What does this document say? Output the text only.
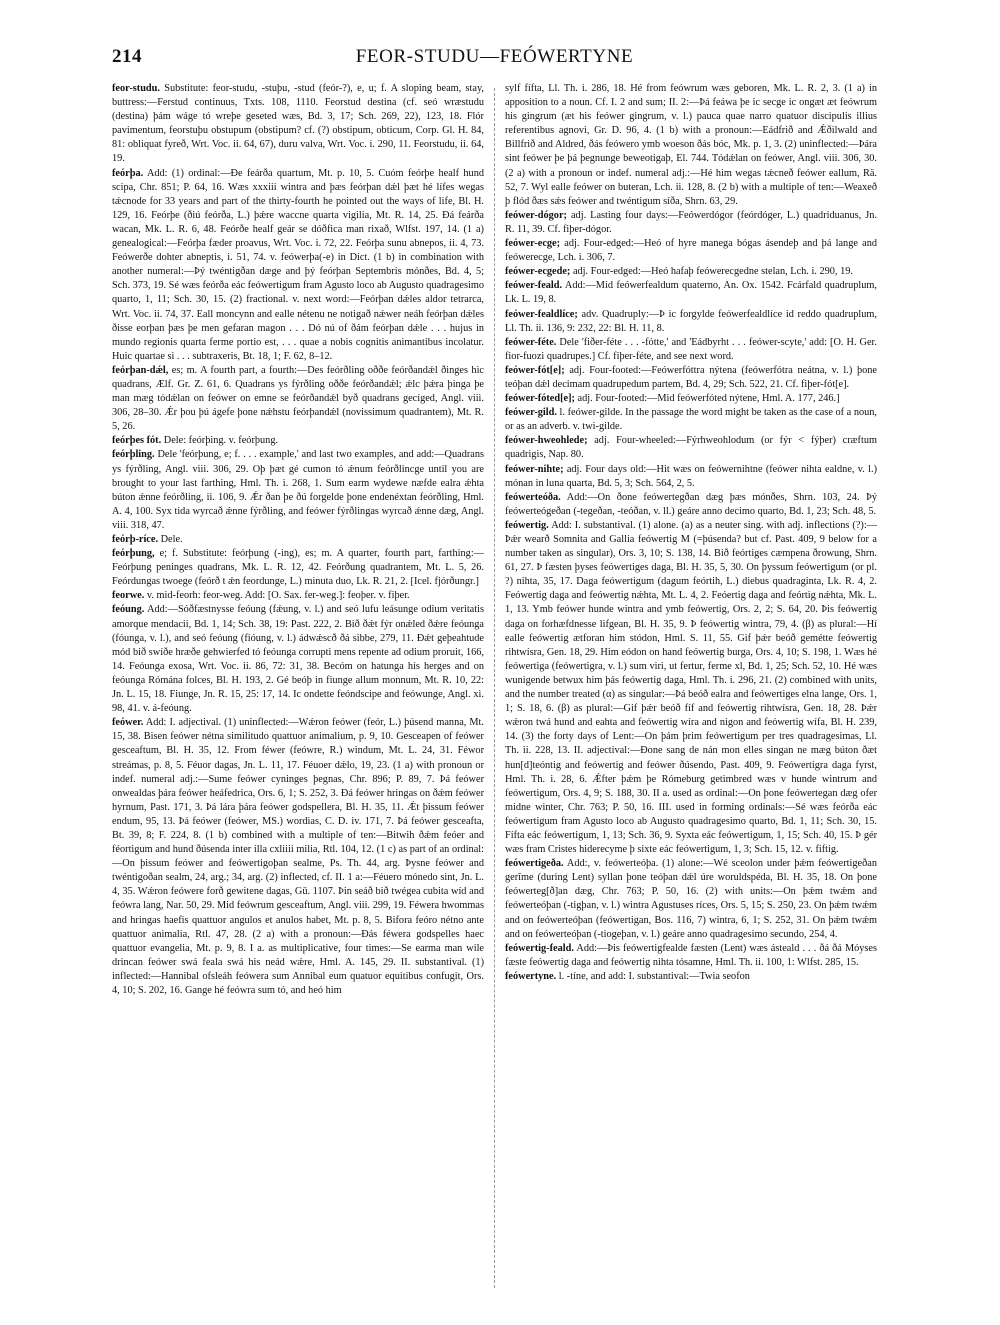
214	FEOR-STUDU—FEÓWERTYNE

feor-studu. Substitute: feor-studu, -stuþu, -stud (feór-?), e, u; f. A sloping beam, stay, buttress:—Ferstud continuus, Txts. 108, 1110. Feorstud destina (cf. seó wræstudu (destina) þám wáge tó wreþe geseted wæs, Bd. 3, 17; Sch. 269, 22), 123, 18. Flór pavimentum, feorstuþu obstupum (obstipum? cf. (?) obstipum, obticum, Corp. Gl. H. 84, 81: obliquat fyreð, Wrt. Voc. ii. 64, 67), duru valva, Wrt. Voc. i. 290, 11. Feorstudu, ii. 64, 19.

feórþa. Add: (1) ordinal:—Ðe feárða quartum, Mt. p. 10, 5. Cuóm feórþe healf hund scipa, Chr. 851; P. 64, 16. Wæs xxxiii wintra and þæs feórþan dǽl þæt hé lífes wegas tǽcnode for 33 years and part of the thirty-fourth he pointed out the ways of life, Bl. H. 129, 16. Feórþe (ðiú feórða, L.) þǽre waccne quarta vigilia, Mt. R. 14, 25. Ðá feárða wacan, Mk. L. R. 6, 48. Feórðe healf geár se dóðfica man rixað, Wlfst. 197, 14. (1 a) genealogical:—Feórþa fæder proavus, Wrt. Voc. i. 72, 22. Feórþa sunu abnepos, ii. 4, 73. Feówerðe dohter abneptis, i. 51, 74. v. feówerþa(-e) in Dict. (1 b) in combination with another numeral:—Þý twéntigðan dæge and þý feórþan Septembris mónðes, Bd. 4, 5; Sch. 373, 19. Sé wæs feórða eác feówertigum fram Agusto loco ab Augusto quadragesimo quarto, 1, 11; Sch. 30, 15. (2) fractional. v. next word:—Feórþan dǽles aldor tetrarca, Wrt. Voc. ii. 74, 37. Eall moncynn and ealle nétenu ne notigað nǽwer neáh feórþan dǽles ðisse eorþan þæs þe men gefaran magon . . . Dó nú of ðám feórþan dǽle . . . hujus in mundo regionis quarta ferme portio est, . . . quae a nobis cognitis animantibus incolatur. Huic quartae si . . . subtraxeris, Bt. 18, 1; F. 62, 8–12.

feórþan-dǽl, es; m. A fourth part, a fourth:—Des feórðling oððe feórðandǽl ðinges hic quadrans, Ælf. Gr. Z. 61, 6. Quadrans ys fýrðling oððe feórðandǽl; ǽlc þǽra þinga þe man mæg tódǽlan on feówer on emne se feórðandǽl byð quadrans gecíged, Angl. viii. 306, 28–30. Ǽr þou þú ágefe þone nǽhstu feórþandǽl (novissimum quadrantem), Mt. R. 5, 26.

feórþes fót. Dele: feórþing. v. feórþung.

feórþling. Dele 'feórþung, e; f. . . . example,' and last two examples, and add:—Quadrans ys fýrðling, Angl. viii. 306, 29. Oþ þæt gé cumon tó ǽnum feórðlincge until you are brought to your last farthing, Hml. Th. i. 268, 1. Sum earm wydewe næfde ealra ǽhta búton ǽnne feórðling, ii. 106, 9. Ǽr ðan þe ðú forgelde þone endenéxtan feórðling, Hml. A. 4, 100. Syx tida wyrcað ǽnne fýrðling, and feówer fýrðlingas wyrcað ǽnne dæg, Angl. viii. 318, 47.

feórþ-ríce. Dele.

feórþung, e; f. Substitute: feórþung (-ing), es; m. A quarter, fourth part, farthing:—Feórþung peninges quadrans, Mk. L. R. 12, 42. Feórðung quadrantem, Mt. L. 5, 26. Feórdungas twoege (feórð t ǽn feordunge, L.) minuta duo, Lk. R. 21, 2. [Icel. fjórðungr.]

feorwe. v. mid-feorh: feor-weg. Add: [O. Sax. fer-weg.]: feoþer. v. fiþer.

feóung. Add:—Sóðfæstnysse feóung (fǽung, v. l.) and seó lufu leásunge odium veritatis amorque mendacii, Bd. 1, 14; Sch. 38, 19: Past. 222, 2. Bið ðǽt fýr onǽled ðǽre feóunga (fóunga, v. l.), and seó feóung (fióung, v. l.) ádwǽscð ðá sibbe, 279, 11. Ðǽt geþeahtude mód bið swíðe hræðe gehwierfed tó feóunga corrupti mens repente ad odium proruit, 166, 14. Feóunga exosa, Wrt. Voc. ii. 86, 72: 31, 38. Becóm on hatunga his herges and on feóunga Rómána folces, Bl. H. 193, 2. Gé beóþ in fiunge allum monnum, Mt. R. 10, 22: Jn. L. 15, 18. Fiunge, Jn. R. 15, 25: 17, 14. Ic ondette feóndscipe and feówunge, Angl. xi. 98, 41. v. á-feóung.

feówer. Add: I. adjectival. (1) uninflected:—Wǽron feówer (feór, L.) þúsend manna, Mt. 15, 38. Bisen feówer nétna similitudo quattuor animalium, p. 9, 10. Gesceapen of feówer gesceaftum, Bl. H. 35, 12. From féwer (feówre, R.) windum, Mt. L. 24, 31. Féwor streámas, p. 8, 5. Féuor dagas, Jn. L. 11, 17. Féuoer dǽlo, 19, 23. (1 a) with pronoun or indef. numeral adj.:—Sume feówer cyninges þegnas, Chr. 896; P. 89, 7. Þá feówer onwealdas þára feówer heáfedrica, Ors. 6, 1; S. 252, 3. Ðá feówer hringas on ðǽm feówer hyrnum, Past. 171, 3. Þá lára þára feówer godspellera, Bl. H. 35, 11. Ǽt þissum feówer endum, 95, 13. Þá feówer (feówer, MS.) wordias, C. D. iv. 171, 7. Þá feówer gesceafta, Bt. 39, 8; F. 224, 8. (1 b) combined with a multiple of ten:—Bitwih ðǽm feóer and féortigum and hund ðúsenda inter illa cxliiii milia, Rtl. 104, 12. (1 c) as part of an ordinal:—On þissum feówer and feówertigoþan sealme, Ps. Th. 44, arg. Þysne feówer and twéntigoðan sealm, 24, arg.; 34, arg. (2) inflected, cf. II. 1 a:—Féuero mónedo sint, Jn. L. 4, 35. Wǽron feówere forð gewitene dagas, Gū. 1107. Þin seáð bið twégea cubita wíd and feówra lang, Nar. 50, 29. Mid feówrum gesceaftum, Angl. viii. 299, 19. Féwera hwommas and hringas haefis quattuor angulos et anulos habet, Mt. p. 8, 5. Bifora feóro nétno ante quattuor animalia, Rtl. 47, 28. (2 a) with a pronoun:—Ðás féwera godspelles haec quattuor evangelia, Mt. p. 9, 8. I a. as multiplicative, four times:—Se earma man wile drincan feówer swá feala swá his neád wǽre, Hml. A. 145, 29. II. substantival. (1) inflected:—Hannibal ofsleáh feówera sum Annibal eum quatuor equitibus confugit, Ors. 4, 10; S. 202, 16. Gange hé feówra sum tó, and heó him

sylf fífta, Ll. Th. i. 286, 18. Hé from feówrum wæs geboren, Mk. L. R. 2, 3. (1 a) in apposition to a noun. Cf. I. 2 and sum; II. 2:—Þá feáwa þe ic secge ic ongæt æt feówrum his gingrum (æt his feówer gingrum, v. l.) pauca quae narro quatuor discipulis illius referentibus agnovi, Gr. D. 96, 4. (1 b) with a pronoun:—Eádfrið and Ǽðilwald and Billfrið and Aldred, ðás feówero ymb woeson ðás bóc, Mk. p. 1, 3. (2) uninflected:—Þára sint feówer þe þá þegnunge beweotigaþ, El. 744. Tódǽlan on feówer, Angl. viii. 306, 30. (2 a) with a pronoun or indef. numeral adj.:—Hé him wegas tǽcneð feówer eallum, Rä. 52, 7. Wyl ealle feówer on buteran, Lch. ii. 128, 8. (2 b) with a multiple of ten:—Weaxeð þ flód ðæs sǽs feówer and twéntigum síða, Shrn. 63, 29.

feówer-dógor; adj. Lasting four days:—Feówerdógor (feórdóger, L.) quadriduanus, Jn. R. 11, 39. Cf. fiþer-dógor.

feówer-ecge; adj. Four-edged:—Heó of hyre manega bógas ásendeþ and þá lange and feówerecge, Lch. i. 306, 7.

feówer-ecgede; adj. Four-edged:—Heó hafaþ feówerecgedne stelan, Lch. i. 290, 19.

feówer-feald. Add:—Mid feówerfealdum quaterno, An. Ox. 1542. Fcárfald quadruplum, Lk. L. 19, 8.

feówer-fealdlíce; adv. Quadruply:—Þ ic forgylde feówerfealdlíce id reddo quadruplum, Ll. Th. ii. 136, 9: 232, 22: Bl. H. 11, 8.

feówer-féte. Dele 'fiðer-féte . . . -fótte,' and 'Eádbyrht . . . feówer-scyte,' add: [O. H. Ger. fior-fuozi quadrupes.] Cf. fiþer-féte, and see next word.

feówer-fót[e]; adj. Four-footed:—Feówerfóttra nýtena (feówerfótra neátna, v. l.) þone teóþan dǽl decimam quadrupedum partem, Bd. 4, 29; Sch. 522, 21. Cf. fiþer-fót[e].

feówer-fóted[e]; adj. Four-footed:—Mid feówerfóted nýtene, Hml. A. 177, 246.]

feówer-gild. l. feówer-gilde. In the passage the word might be taken as the case of a noun, or as an adverb. v. twi-gilde.

feówer-hweohlede; adj. Four-wheeled:—Fýrhweohlodum (or fýr < fýþer) cræftum quadrigis, Nap. 80.

feówer-nihte; adj. Four days old:—Hit wæs on feówernihtne (feówer nihta ealdne, v. l.) mónan in luna quarta, Bd. 5, 3; Sch. 564, 2, 5.

feówerteóða. Add:—On ðone feówertegðan dæg þæs mónðes, Shrn. 103, 24. Þý feówerteógeðan (-tegeðan, -teóðan, v. ll.) geáre anno decimo quarto, Bd. 1, 23; Sch. 48, 5.

feówertig. Add: I. substantival. (1) alone. (a) as a neuter sing. with adj. inflections (?):—Þǽr wearð Somnita and Gallia feówertig M (=þúsenda? but cf. Past. 409, 9 below for a number taken as singular), Ors. 3, 10; S. 138, 14. Bið feórtiges cæmpena ðrowung, Shrn. 61, 27. Þ fæsten þyses feówertiges daga, Bl. H. 35, 5, 30. On þyssum feówertigum (or pl. ?) nihta, 35, 17. Daga feówertigum (dagum feórtih, L.) diebus quadraginta, Lk. R. 4, 2. Feówertig daga and feówertig nǽhta, Mt. L. 4, 2. Feóertig daga and feórtig nǽhta, Mk. L. 1, 13. Ymb feówer hunde wintra and ymb feówertig, Ors. 2, 2; S. 64, 20. Þis feówertig daga on forhæfdnesse lifgean, Bl. H. 35, 9. Þ feówertig wintra, 79, 4. (β) as plural:—Hí ealle feówertig ætforan him stódon, Hml. S. 11, 55. Gif þǽr beóð gemétte feówertig rihtwísra, Gen. 18, 29. Him eódon on hand feówertig burga, Ors. 4, 10; S. 198, 1. Wæs hé feówertiga (feówertigra, v. l.) sum viri, ut fertur, ferme xl, Bd. 1, 25; Sch. 52, 10. Hé wæs wunigende betwux him þás feówertig daga, Hml. Th. i. 296, 21. (2) combined with units, and the number treated (α) as singular:—Þá beóð ealra and feówertiges elna lange, Ors. 1, 1; S. 18, 6. (β) as plural:—Gif þǽr beóð fíf and feówertig rihtwísra, Gen. 18, 28. Þǽr wǽron twá hund and eahta and feówertig wíra and nigon and feówertig wífa, Bl. H. 239, 14. (3) the forty days of Lent:—On þám þrim feówertigum per tres quadragesimas, Ll. Th. ii. 228, 13. II. adjectival:—Ðone sang de nán mon elles singan ne mæg búton ðæt hun[d]teóntig and feówertig and feówer ðúsendo, Past. 409, 9. Feówertigra daga fyrst, Hml. Th. i. 28, 6. Ǽfter þǽm þe Rómeburg getimbred wæs v hunde wintrum and feówertigum, Ors. 4, 9; S. 188, 30. II a. used as ordinal:—On þone feówertegan dæg ofer midne winter, Chr. 763; P. 50, 16. III. used in forming ordinals:—Sé wæs feórða eác feówertigum fram Agusto loco ab Augusto quadragesimo quarto, Bd. 1, 11; Sch. 30, 15. Fífta eác feówertigum, 1, 13; Sch. 36, 9. Syxta eác feówertigum, 1, 15; Sch. 40, 15. Þ gér wæs fram Cristes hiderecyme þ sixte eác feówertigum, 1, 3; Sch. 15, 12. v. fiftig.

feówertigeða. Add:, v. feówerteóþa. (1) alone:—Wé sceolon under þǽm feówertigeðan gerîme (during Lent) syllan þone teóþan dǽl úre woruldspéda, Bl. H. 35, 18. On þone feówerteg[ð]an dæg, Chr. 763; P. 50, 16. (2) with units:—On þǽm twǽm and feówerteóþan (-tigþan, v. l.) wintra Agustuses ríces, Ors. 5, 15; S. 250, 23. On þǽm twǽm and on feówerteóþan (feówertigan, Bos. 116, 7) wintra, 6, 1; S. 252, 31. On þǽm twǽm and on feówerteóþan (-tiogeþan, v. l.) geáre anno quadragesimo secundo, 254, 4.

feówertig-feald. Add:—Þis feówertigfealde fæsten (Lent) wæs ásteald . . . ðá ðá Móyses fæste feówertig daga and feówertig nihta tósamne, Hml. Th. ii. 100, 1: Wlfst. 285, 15.

feówertyne. l. -tíne, and add: I. substantival:—Twia seofon
